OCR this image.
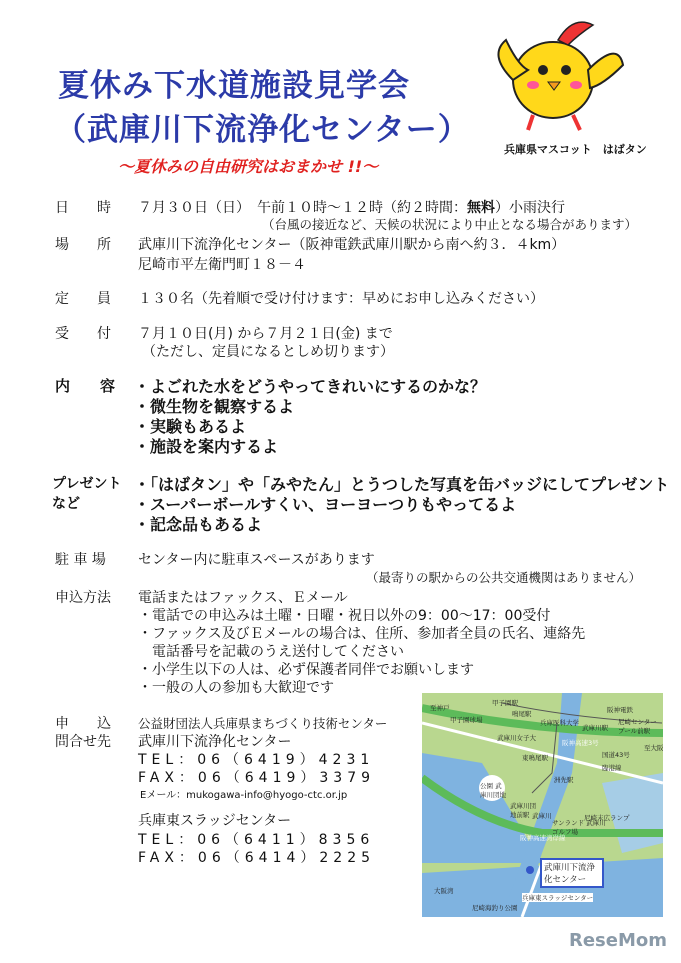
夏休み下水道施設見学会
（武庫川下流浄化センター）
～夏休みの自由研究はおまかせ !!～
兵庫県マスコット　はばタン
日　　時 ７月３０日（日）　午前１０時～１２時（約２時間：無料）小雨決行
（台風の接近など、天候の状況により中止となる場合があります）
場　　所 武庫川下流浄化センター（阪神電鉄武庫川駅から南へ約３．４km）
尼崎市平左衛門町１８－４
定　　員 １３０名（先着順で受け付けます：早めにお申し込みください）
受　　付 ７月１０日(月) から７月２１日(金) まで
（ただし、定員になるとしめ切ります）
内　　容 ・よごれた水をどうやってきれいにするのかな？
・微生物を観察するよ
・実験もあるよ
・施設を案内するよ
プレゼント
など
・「はばタン」や「みやたん」とうつした写真を缶バッジにしてプレゼント
・スーパーボールすくい、ヨーヨーつりもやってるよ
・記念品もあるよ
駐 車 場 センター内に駐車スペースがあります
（最寄りの駅からの公共交通機関はありません）
申込方法 電話またはファックス、Ｅメール
・電話での申込みは土曜・日曜・祝日以外の9：00～17：00受付
・ファックス及びＥメールの場合は、住所、参加者全員の氏名、連絡先
　電話番号を記載のうえ送付してください
・小学生以下の人は、必ず保護者同伴でお願いします
・一般の人の参加も大歓迎です
申　　込
問合せ先
公益財団法人兵庫県まちづくり技術センター
武庫川下流浄化センター
TEL：06（6419）4231
FAX：06（6419）3379
Eメール：mukogawa-info@hyogo-ctc.or.jp
兵庫東スラッジセンター
TEL：06（6411）8356
FAX：06（6414）2225
至神戸
甲子園駅
甲子園球場
鳴尾駅
兵庫医科大学
阪神電鉄
武庫川駅
尼崎センタープール前駅
阪神高速3号
武庫川女子大
至大阪
国道43号
東鳴尾駅
臨港線
洲先駅
公園 武庫川団地
武庫川団地前駅	尼崎末広ランプ
サンランド 武庫川ゴルフ場
阪神高速湾岸線
武庫川
大阪湾
尼崎海釣り公園
兵庫東スラッジセンター
武庫川下流浄化センター
ReseMom
